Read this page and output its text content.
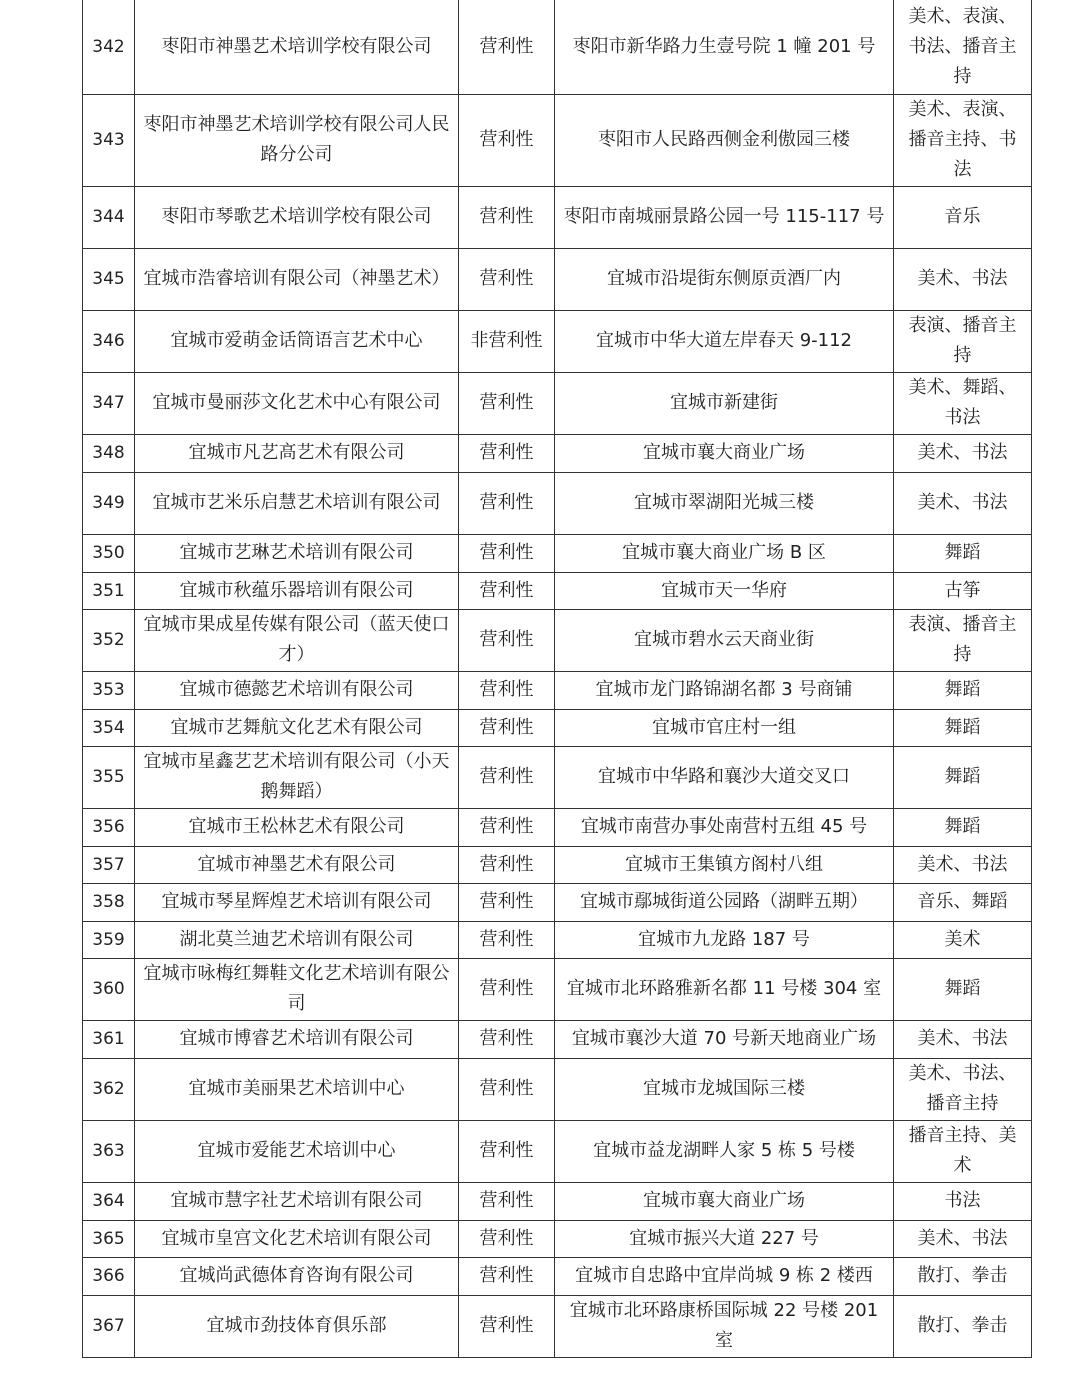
342	枣阳市神墨艺术培训学校有限公司	营利性	枣阳市新华路力生壹号院 1 幢 201 号	美术、表演、书法、播音主持
343	枣阳市神墨艺术培训学校有限公司人民路分公司	营利性	枣阳市人民路西侧金利傲园三楼	美术、表演、播音主持、书法
344	枣阳市琴歌艺术培训学校有限公司	营利性	枣阳市南城丽景路公园一号 115-117 号	音乐
345	宜城市浩睿培训有限公司（神墨艺术）	营利性	宜城市沿堤街东侧原贡酒厂内	美术、书法
346	宜城市爱萌金话筒语言艺术中心	非营利性	宜城市中华大道左岸春天 9-112	表演、播音主持
347	宜城市曼丽莎文化艺术中心有限公司	营利性	宜城市新建街	美术、舞蹈、书法
348	宜城市凡艺高艺术有限公司	营利性	宜城市襄大商业广场	美术、书法
349	宜城市艺米乐启慧艺术培训有限公司	营利性	宜城市翠湖阳光城三楼	美术、书法
350	宜城市艺琳艺术培训有限公司	营利性	宜城市襄大商业广场 B 区	舞蹈
351	宜城市秋蕴乐器培训有限公司	营利性	宜城市天一华府	古筝
352	宜城市果成星传媒有限公司（蓝天使口才）	营利性	宜城市碧水云天商业街	表演、播音主持
353	宜城市德懿艺术培训有限公司	营利性	宜城市龙门路锦湖名都 3 号商铺	舞蹈
354	宜城市艺舞航文化艺术有限公司	营利性	宜城市官庄村一组	舞蹈
355	宜城市星鑫艺艺术培训有限公司（小天鹅舞蹈）	营利性	宜城市中华路和襄沙大道交叉口	舞蹈
356	宜城市王松林艺术有限公司	营利性	宜城市南营办事处南营村五组 45 号	舞蹈
357	宜城市神墨艺术有限公司	营利性	宜城市王集镇方阁村八组	美术、书法
358	宜城市琴星辉煌艺术培训有限公司	营利性	宜城市鄢城街道公园路（湖畔五期）	音乐、舞蹈
359	湖北莫兰迪艺术培训有限公司	营利性	宜城市九龙路 187 号	美术
360	宜城市咏梅红舞鞋文化艺术培训有限公司	营利性	宜城市北环路雅新名都 11 号楼 304 室	舞蹈
361	宜城市博睿艺术培训有限公司	营利性	宜城市襄沙大道 70 号新天地商业广场	美术、书法
362	宜城市美丽果艺术培训中心	营利性	宜城市龙城国际三楼	美术、书法、播音主持
363	宜城市爱能艺术培训中心	营利性	宜城市益龙湖畔人家 5 栋 5 号楼	播音主持、美术
364	宜城市慧字社艺术培训有限公司	营利性	宜城市襄大商业广场	书法
365	宜城市皇宫文化艺术培训有限公司	营利性	宜城市振兴大道 227 号	美术、书法
366	宜城尚武德体育咨询有限公司	营利性	宜城市自忠路中宜岸尚城 9 栋 2 楼西	散打、拳击
367	宜城市劲技体育俱乐部	营利性	宜城市北环路康桥国际城 22 号楼 201 室	散打、拳击
